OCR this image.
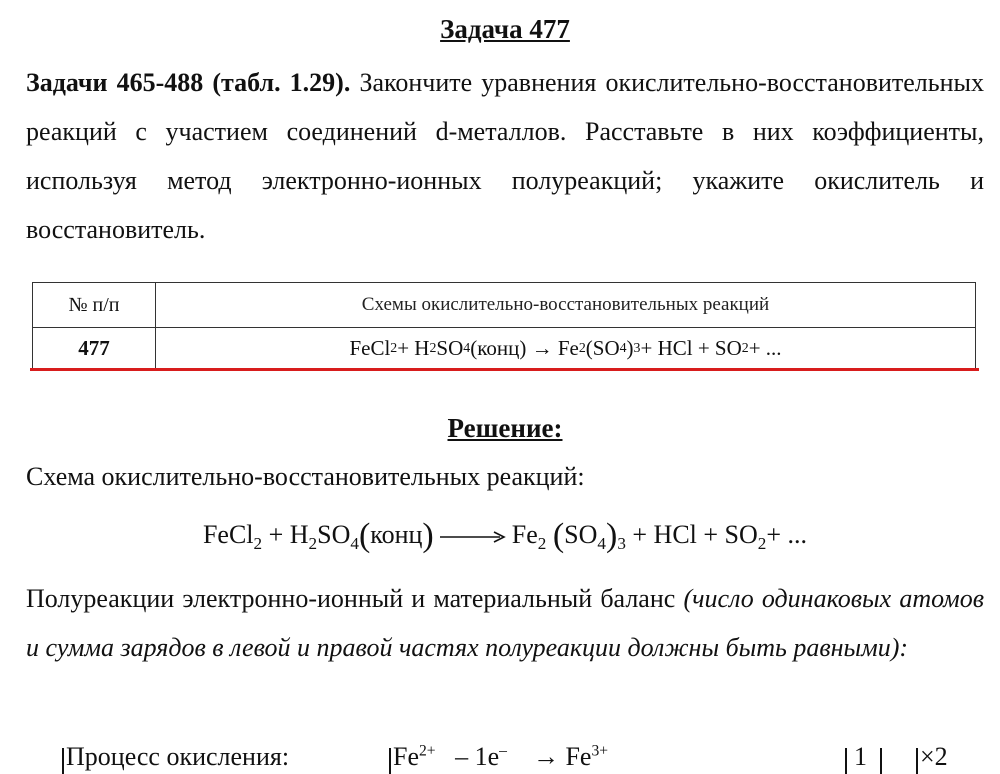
Задача 477
Задачи 465-488 (табл. 1.29). Закончите уравнения окислительно-восстановительных реакций с участием соединений d-металлов. Расставьте в них коэффициенты, используя метод электронно-ионных полуреакций; укажите окислитель и восстановитель.
№ п/п	Схемы окислительно-восстановительных реакций
477	FeCl 2 + H 2 SO 4 (конц) → Fe 2 (SO 4 ) 3 + HCl + SO 2 + ...
Решение:
Схема окислительно-восстановительных реакций:
FeCl$_2$ + $H_2SO_4(конц)$	$Fe_2$ $(SO_4)_3$ + HCl + $SO_2+$ ...
Полуреакции электронно-ионный и материальный баланс (число одинаковых атомов и сумма зарядов в левой и правой частях полуреакции должны быть равными):
Процесс окисления:	$Fe^{2+} - 1e^- \to Fe^{3+}$	1 ×2
